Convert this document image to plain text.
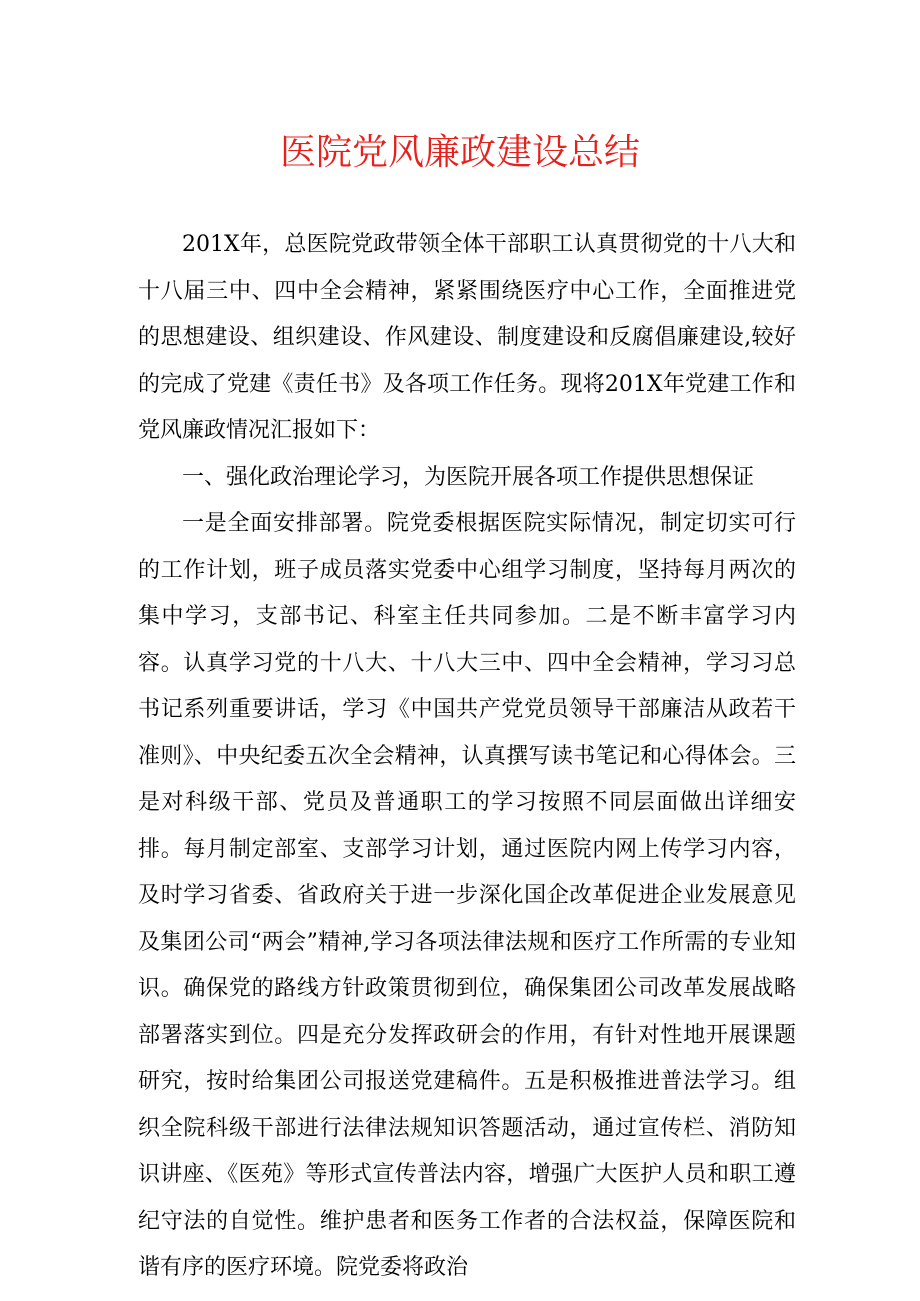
医院党风廉政建设总结

201X年，总医院党政带领全体干部职工认真贯彻党的十八大和十八届三中、四中全会精神，紧紧围绕医疗中心工作，全面推进党的思想建设、组织建设、作风建设、制度建设和反腐倡廉建设,较好的完成了党建《责任书》及各项工作任务。现将201X年党建工作和党风廉政情况汇报如下：

一、强化政治理论学习，为医院开展各项工作提供思想保证

一是全面安排部署。院党委根据医院实际情况，制定切实可行的工作计划，班子成员落实党委中心组学习制度，坚持每月两次的集中学习，支部书记、科室主任共同参加。二是不断丰富学习内容。认真学习党的十八大、十八大三中、四中全会精神，学习习总书记系列重要讲话，学习《中国共产党党员领导干部廉洁从政若干准则》、中央纪委五次全会精神，认真撰写读书笔记和心得体会。三是对科级干部、党员及普通职工的学习按照不同层面做出详细安排。每月制定部室、支部学习计划，通过医院内网上传学习内容，及时学习省委、省政府关于进一步深化国企改革促进企业发展意见及集团公司“两会”精神,学习各项法律法规和医疗工作所需的专业知识。确保党的路线方针政策贯彻到位，确保集团公司改革发展战略部署落实到位。四是充分发挥政研会的作用，有针对性地开展课题研究，按时给集团公司报送党建稿件。五是积极推进普法学习。组织全院科级干部进行法律法规知识答题活动，通过宣传栏、消防知识讲座、《医苑》等形式宣传普法内容，增强广大医护人员和职工遵纪守法的自觉性。维护患者和医务工作者的合法权益，保障医院和谐有序的医疗环境。院党委将政治
